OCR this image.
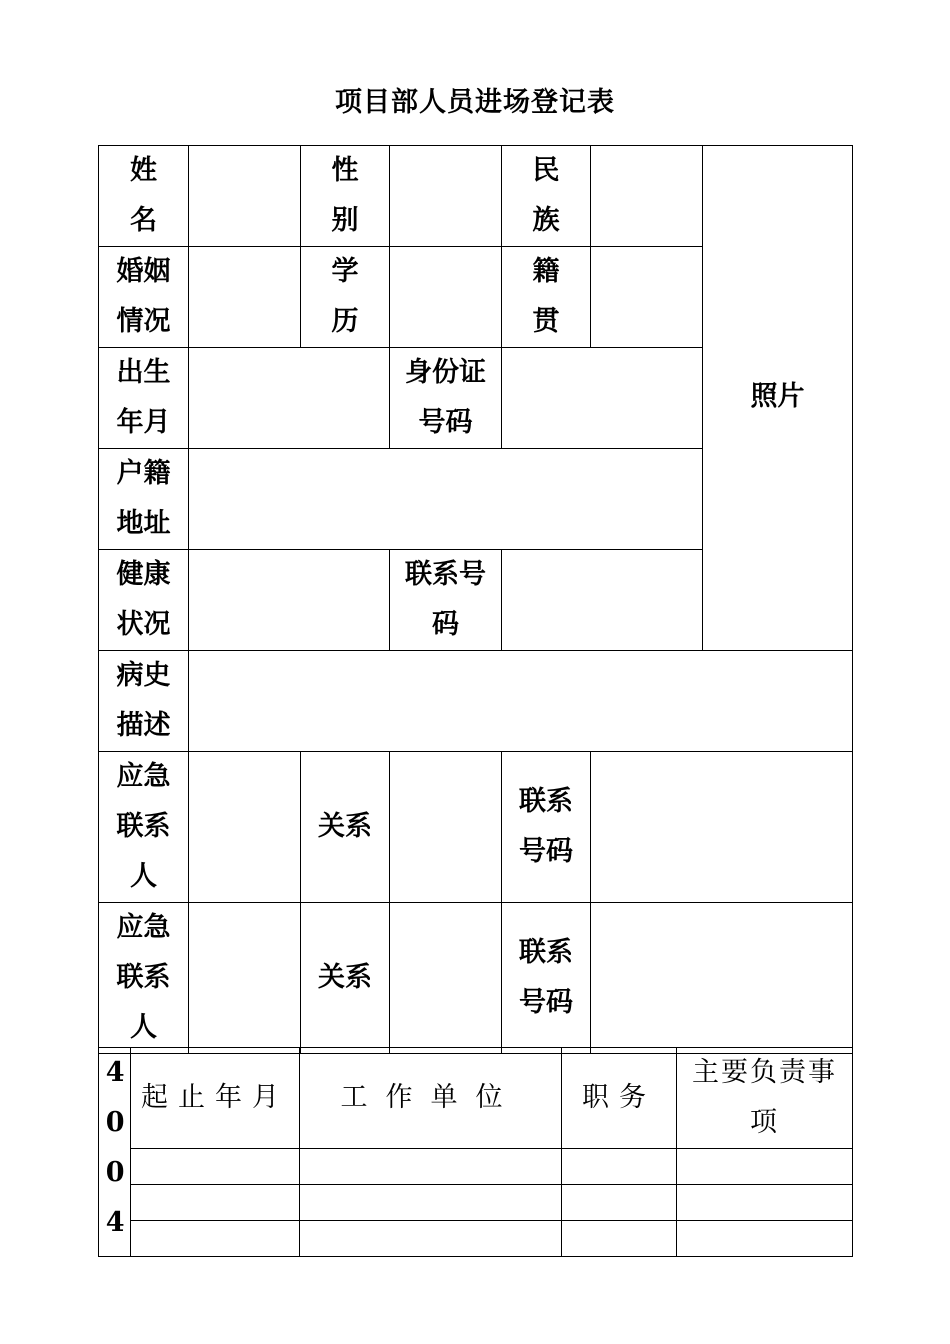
项目部人员进场登记表
姓名		性别		民族		照片

婚姻情况		学历		籍贯		

出生年月			身份证号码			

户籍地址						

健康状况			联系号码			

病史描述						

应急联系人		关系		联系号码		

应急联系人		关系		联系号码		

4004	起止年月	工作单位	职务	主要负责事项
